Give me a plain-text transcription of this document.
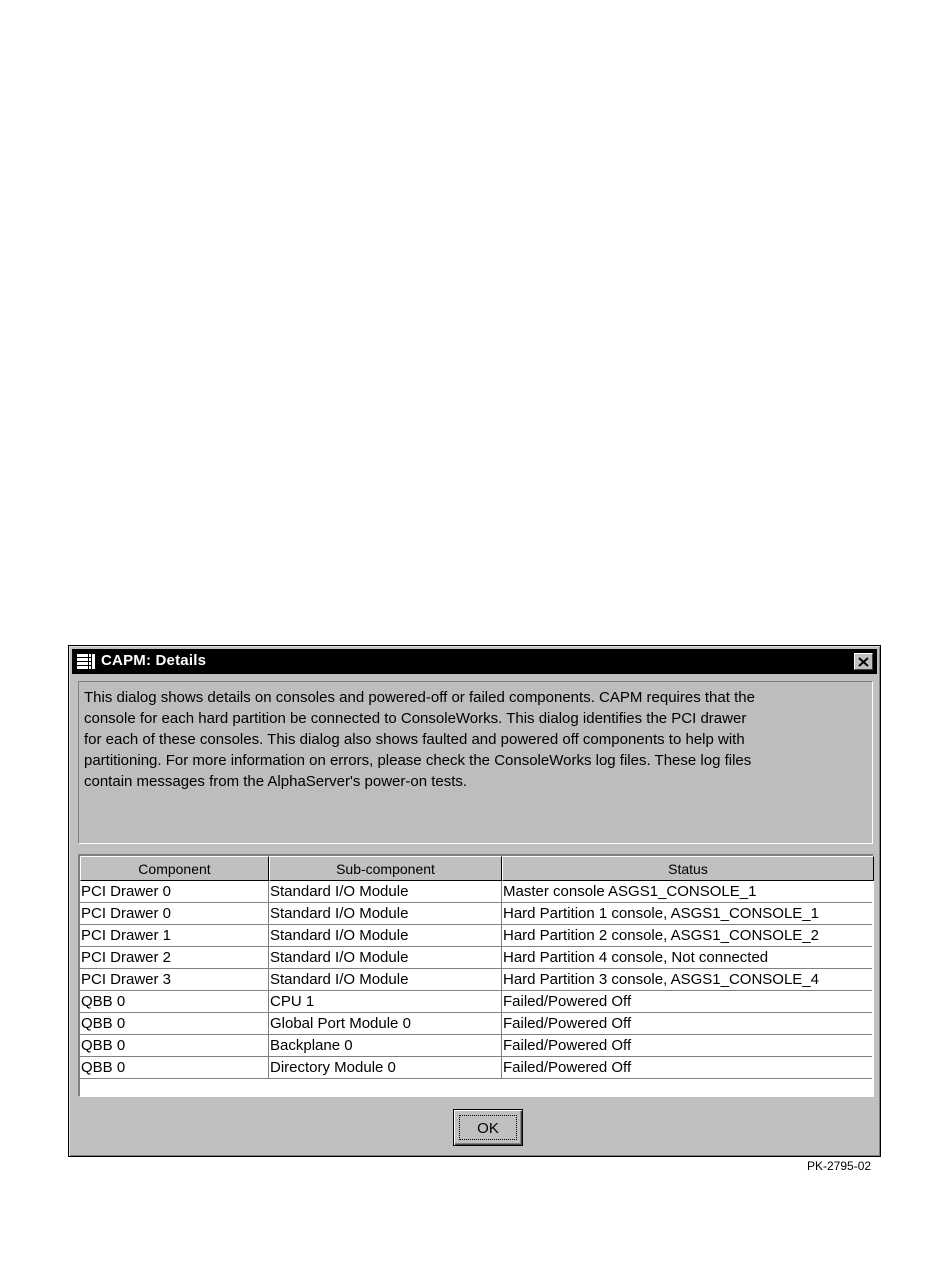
CAPM: Details
This dialog shows details on consoles and powered-off or failed components. CAPM requires that the
console for each hard partition be connected to ConsoleWorks. This dialog identifies the PCI drawer
for each of these consoles. This dialog also shows faulted and powered off components to help with
partitioning. For more information on errors, please check the ConsoleWorks log files. These log files
contain messages from the AlphaServer's power-on tests.
Component	Sub-component	Status
PCI Drawer 0	Standard I/O Module	Master console ASGS1_CONSOLE_1
PCI Drawer 0	Standard I/O Module	Hard Partition 1 console, ASGS1_CONSOLE_1
PCI Drawer 1	Standard I/O Module	Hard Partition 2 console, ASGS1_CONSOLE_2
PCI Drawer 2	Standard I/O Module	Hard Partition 4 console, Not connected
PCI Drawer 3	Standard I/O Module	Hard Partition 3 console, ASGS1_CONSOLE_4
QBB 0	CPU 1	Failed/Powered Off
QBB 0	Global Port Module 0	Failed/Powered Off
QBB 0	Backplane 0	Failed/Powered Off
QBB 0	Directory Module 0	Failed/Powered Off
OK
PK-2795-02
